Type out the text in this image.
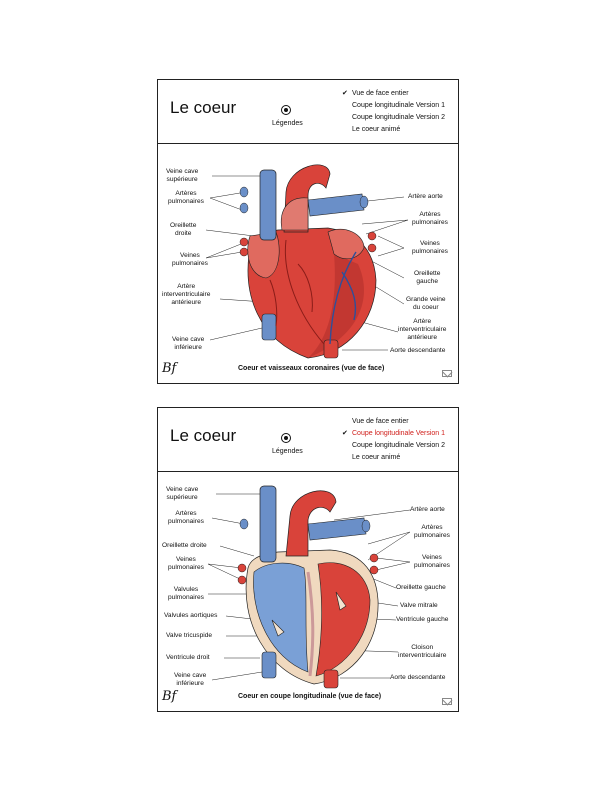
Le coeur
Légendes
✔ Vue de face entier
Coupe longitudinale Version 1
Coupe longitudinale Version 2
Le coeur animé
Veine cave
supérieure
Artères
pulmonaires
Oreillette
droite
Veines
pulmonaires
Artère
interventriculaire
antérieure
Veine cave
inférieure
Artère aorte
Artères
pulmonaires
Veines
pulmonaires
Oreillette
gauche
Grande veine
du coeur
Artère
interventriculaire
antérieure
Aorte descendante
Bf	Coeur et vaisseaux coronaires (vue de face)
Le coeur
Légendes
Vue de face entier
✔ Coupe longitudinale Version 1
Coupe longitudinale Version 2
Le coeur animé
Veine cave
supérieure
Artères
pulmonaires
Oreillette droite
Veines
pulmonaires
Valvules
pulmonaires
Valvules aortiques
Valve tricuspide
Ventricule droit
Veine cave
inférieure
Artère aorte
Artères
pulmonaires
Veines
pulmonaires
Oreillette gauche
Valve mitrale
Ventricule gauche
Cloison
interventriculaire
Aorte descendante
Bf	Coeur en coupe longitudinale (vue de face)
